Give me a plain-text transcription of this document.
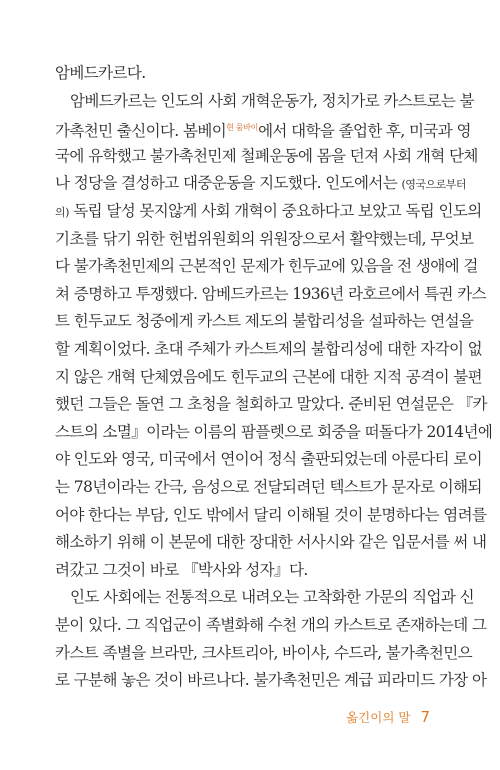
암베드카르다.
암베드카르는 인도의 사회 개혁운동가, 정치가로 카스트로는 불
가촉천민 출신이다. 봄베이$^{현 뭄바이}$에서 대학을 졸업한 후, 미국과 영
국에 유학했고 불가촉천민제 철폐운동에 몸을 던져 사회 개혁 단체
나 정당을 결성하고 대중운동을 지도했다. 인도에서는 (영국으로부터
의) 독립 달성 못지않게 사회 개혁이 중요하다고 보았고 독립 인도의
기초를 닦기 위한 헌법위원회의 위원장으로서 활약했는데, 무엇보
다 불가촉천민제의 근본적인 문제가 힌두교에 있음을 전 생애에 걸
쳐 증명하고 투쟁했다. 암베드카르는 1936년 라호르에서 특권 카스
트 힌두교도 청중에게 카스트 제도의 불합리성을 설파하는 연설을
할 계획이었다. 초대 주체가 카스트제의 불합리성에 대한 자각이 없
지 않은 개혁 단체였음에도 힌두교의 근본에 대한 지적 공격이 불편
했던 그들은 돌연 그 초청을 철회하고 말았다. 준비된 연설문은 『카
스트의 소멸』이라는 이름의 팜플렛으로 회중을 떠돌다가 2014년에
야 인도와 영국, 미국에서 연이어 정식 출판되었는데 아룬다티 로이
는 78년이라는 간극, 음성으로 전달되려던 텍스트가 문자로 이해되
어야 한다는 부담, 인도 밖에서 달리 이해될 것이 분명하다는 염려를
해소하기 위해 이 본문에 대한 장대한 서사시와 같은 입문서를 써 내
려갔고 그것이 바로 『박사와 성자』다.
인도 사회에는 전통적으로 내려오는 고착화한 가문의 직업과 신
분이 있다. 그 직업군이 족별화해 수천 개의 카스트로 존재하는데 그
카스트 족별을 브라만, 크샤트리아, 바이샤, 수드라, 불가촉천민으
로 구분해 놓은 것이 바르나다. 불가촉천민은 계급 피라미드 가장 아
옮긴이의 말 7
